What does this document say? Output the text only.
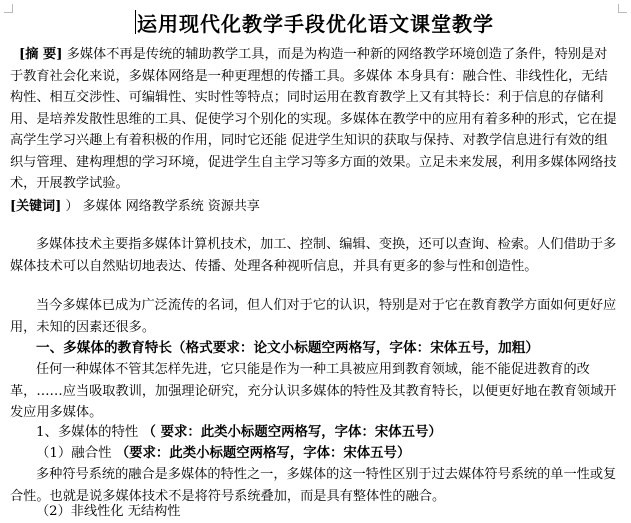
运用现代化教学手段优化语文课堂教学
[摘 要] 多媒体不再是传统的辅助教学工具，而是为构造一种新的网络教学环境创造了条件，特别是对于教育社会化来说，多媒体网络是一种更理想的传播工具。多媒体 本身具有：融合性、非线性化，无结构性、相互交涉性、可编辑性、实时性等特点；同时运用在教育教学上又有其特长：利于信息的存储利用、是培养发散性思维的工具、促使学习个别化的实现。多媒体在教学中的应用有着多种的形式，它在提高学生学习兴趣上有着积极的作用，同时它还能 促进学生知识的获取与保持、对教学信息进行有效的组织与管理、建构理想的学习环境，促进学生自主学习等多方面的效果。立足未来发展，利用多媒体网络技术，开展教学试验。
[关键词] ） 多媒体 网络教学系统 资源共享
多媒体技术主要指多媒体计算机技术，加工、控制、编辑、变换，还可以查询、检索。人们借助于多媒体技术可以自然贴切地表达、传播、处理各种视听信息，并具有更多的参与性和创造性。
当今多媒体已成为广泛流传的名词，但人们对于它的认识，特别是对于它在教育教学方面如何更好应用，未知的因素还很多。
一、多媒体的教育特长（格式要求：论文小标题空两格写，字体：宋体五号，加粗）
任何一种媒体不管其怎样先进，它只能是作为一种工具被应用到教育领域，能不能促进教育的改革，……应当吸取教训，加强理论研究，充分认识多媒体的特性及其教育特长，以便更好地在教育领域开发应用多媒体。
1、多媒体的特性 （ 要求：此类小标题空两格写，字体：宋体五号）
（1）融合性 （要求：此类小标题空两格写，字体：宋体五号）
多种符号系统的融合是多媒体的特性之一，多媒体的这一特性区别于过去媒体符号系统的单一性或复合性。也就是说多媒体技术不是将符号系统叠加，而是具有整体性的融合。
（2）非线性化 无结构性
